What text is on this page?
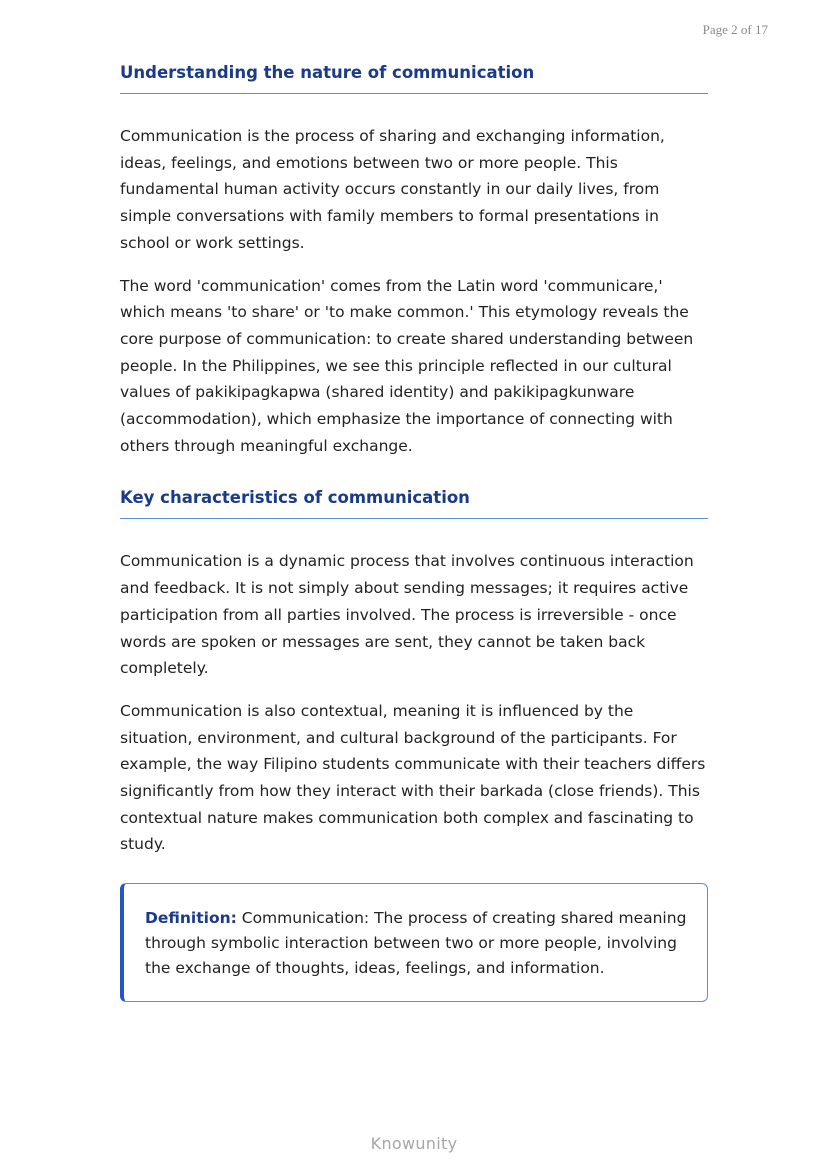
Page 2 of 17
Understanding the nature of communication

Communication is the process of sharing and exchanging information, ideas, feelings, and emotions between two or more people. This fundamental human activity occurs constantly in our daily lives, from simple conversations with family members to formal presentations in school or work settings.

The word 'communication' comes from the Latin word 'communicare,' which means 'to share' or 'to make common.' This etymology reveals the core purpose of communication: to create shared understanding between people. In the Philippines, we see this principle reflected in our cultural values of pakikipagkapwa (shared identity) and pakikipagkunware (accommodation), which emphasize the importance of connecting with others through meaningful exchange.

Key characteristics of communication

Communication is a dynamic process that involves continuous interaction and feedback. It is not simply about sending messages; it requires active participation from all parties involved. The process is irreversible - once words are spoken or messages are sent, they cannot be taken back completely.

Communication is also contextual, meaning it is influenced by the situation, environment, and cultural background of the participants. For example, the way Filipino students communicate with their teachers differs significantly from how they interact with their barkada (close friends). This contextual nature makes communication both complex and fascinating to study.

Definition: Communication: The process of creating shared meaning through symbolic interaction between two or more people, involving the exchange of thoughts, ideas, feelings, and information.
Knowunity
